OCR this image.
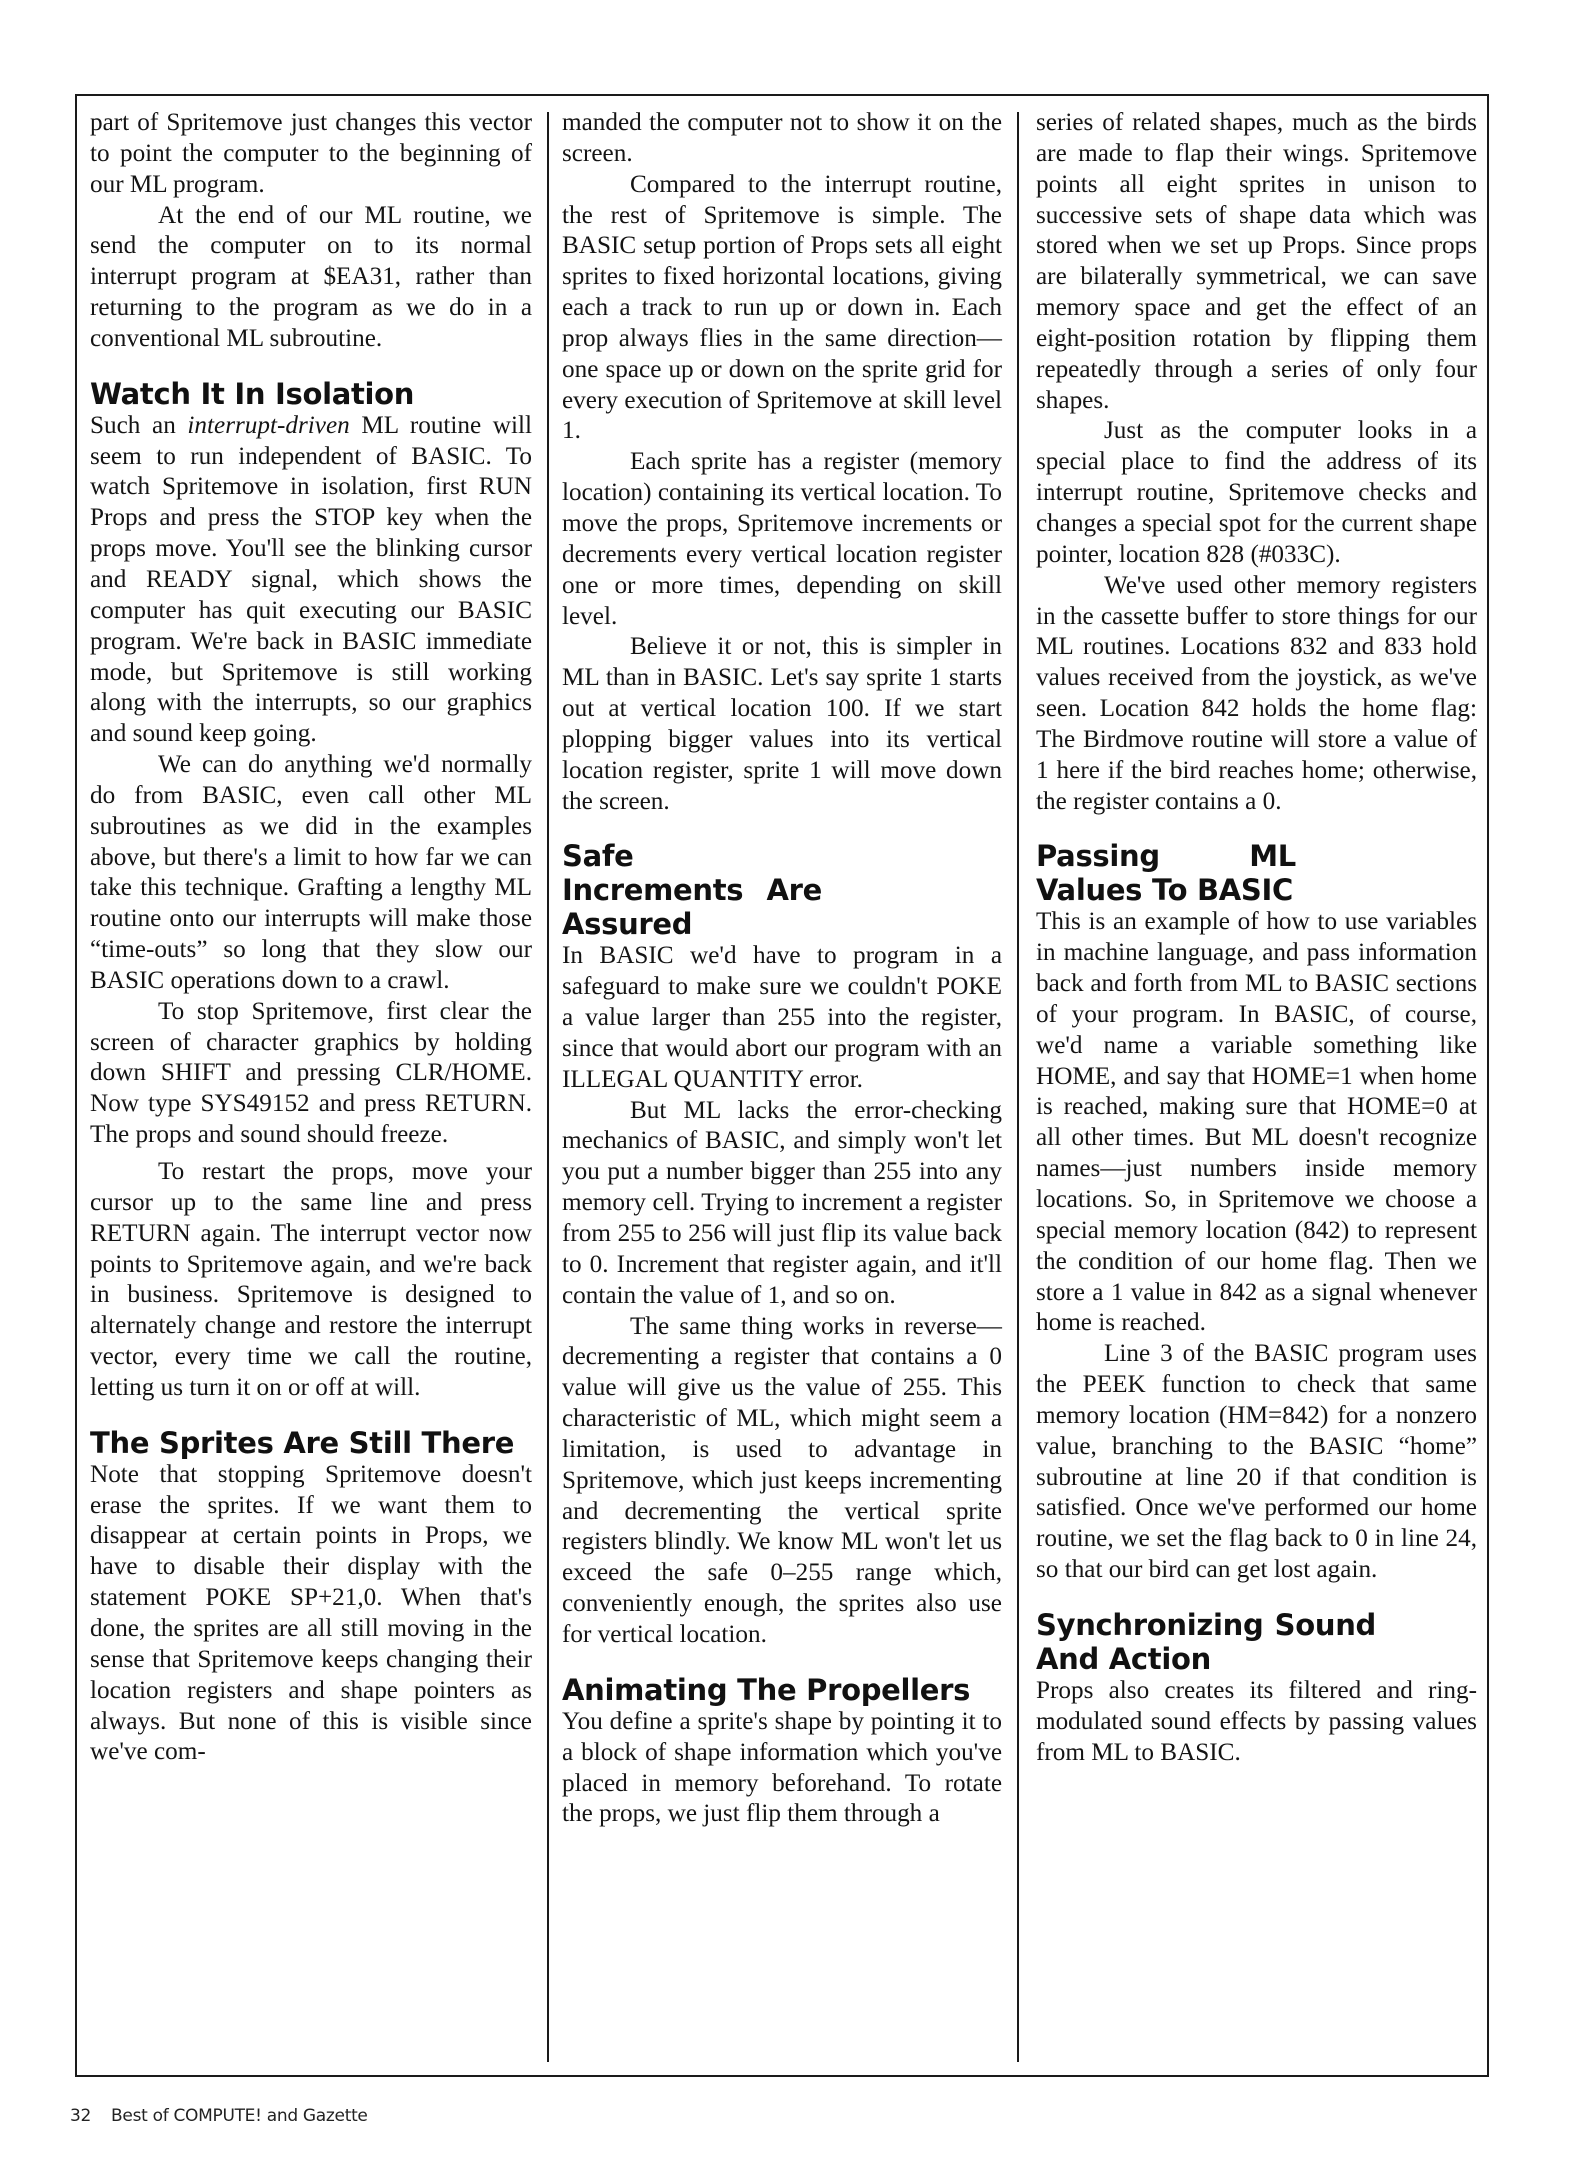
part of Spritemove just changes this vector to point the computer to the beginning of our ML program.

At the end of our ML routine, we send the computer on to its normal interrupt program at $EA31, rather than returning to the program as we do in a conventional ML subroutine.

Watch It In Isolation

Such an interrupt-driven ML routine will seem to run independent of BASIC. To watch Spritemove in isolation, first RUN Props and press the STOP key when the props move. You'll see the blinking cursor and READY signal, which shows the computer has quit executing our BASIC program. We're back in BASIC immediate mode, but Spritemove is still working along with the interrupts, so our graphics and sound keep going.

We can do anything we'd normally do from BASIC, even call other ML subroutines as we did in the examples above, but there's a limit to how far we can take this technique. Grafting a lengthy ML routine onto our interrupts will make those “time-outs” so long that they slow our BASIC operations down to a crawl.

To stop Spritemove, first clear the screen of character graphics by holding down SHIFT and pressing CLR/HOME. Now type SYS49152 and press RETURN. The props and sound should freeze.

To restart the props, move your cursor up to the same line and press RETURN again. The interrupt vector now points to Spritemove again, and we're back in business. Spritemove is designed to alternately change and restore the interrupt vector, every time we call the routine, letting us turn it on or off at will.

The Sprites Are Still There

Note that stopping Spritemove doesn't erase the sprites. If we want them to disappear at certain points in Props, we have to disable their display with the statement POKE SP+21,0. When that's done, the sprites are all still moving in the sense that Spritemove keeps changing their location registers and shape pointers as always. But none of this is visible since we've com-

manded the computer not to show it on the screen.

Compared to the interrupt routine, the rest of Spritemove is simple. The BASIC setup portion of Props sets all eight sprites to fixed horizontal locations, giving each a track to run up or down in. Each prop always flies in the same direction—one space up or down on the sprite grid for every execution of Spritemove at skill level 1.

Each sprite has a register (memory location) containing its vertical location. To move the props, Spritemove increments or decrements every vertical location register one or more times, depending on skill level.

Believe it or not, this is simpler in ML than in BASIC. Let's say sprite 1 starts out at vertical location 100. If we start plopping bigger values into its vertical location register, sprite 1 will move down the screen.

Safe Increments Are Assured

In BASIC we'd have to program in a safeguard to make sure we couldn't POKE a value larger than 255 into the register, since that would abort our program with an ILLEGAL QUANTITY error.

But ML lacks the error-checking mechanics of BASIC, and simply won't let you put a number bigger than 255 into any memory cell. Trying to increment a register from 255 to 256 will just flip its value back to 0. Increment that register again, and it'll contain the value of 1, and so on.

The same thing works in reverse—decrementing a register that contains a 0 value will give us the value of 255. This characteristic of ML, which might seem a limitation, is used to advantage in Spritemove, which just keeps incrementing and decrementing the vertical sprite registers blindly. We know ML won't let us exceed the safe 0–255 range which, conveniently enough, the sprites also use for vertical location.

Animating The Propellers

You define a sprite's shape by pointing it to a block of shape information which you've placed in memory beforehand. To rotate the props, we just flip them through a

series of related shapes, much as the birds are made to flap their wings. Spritemove points all eight sprites in unison to successive sets of shape data which was stored when we set up Props. Since props are bilaterally symmetrical, we can save memory space and get the effect of an eight-position rotation by flipping them repeatedly through a series of only four shapes.

Just as the computer looks in a special place to find the address of its interrupt routine, Spritemove checks and changes a special spot for the current shape pointer, location 828 (#033C).

We've used other memory registers in the cassette buffer to store things for our ML routines. Locations 832 and 833 hold values received from the joystick, as we've seen. Location 842 holds the home flag: The Birdmove routine will store a value of 1 here if the bird reaches home; otherwise, the register contains a 0.

Passing ML Values To BASIC

This is an example of how to use variables in machine language, and pass information back and forth from ML to BASIC sections of your program. In BASIC, of course, we'd name a variable something like HOME, and say that HOME=1 when home is reached, making sure that HOME=0 at all other times. But ML doesn't recognize names—just numbers inside memory locations. So, in Spritemove we choose a special memory location (842) to represent the condition of our home flag. Then we store a 1 value in 842 as a signal whenever home is reached.

Line 3 of the BASIC program uses the PEEK function to check that same memory location (HM=842) for a nonzero value, branching to the BASIC “home” subroutine at line 20 if that condition is satisfied. Once we've performed our home routine, we set the flag back to 0 in line 24, so that our bird can get lost again.

Synchronizing Sound And Action

Props also creates its filtered and ring-modulated sound effects by passing values from ML to BASIC.

32 Best of COMPUTE! and Gazette
